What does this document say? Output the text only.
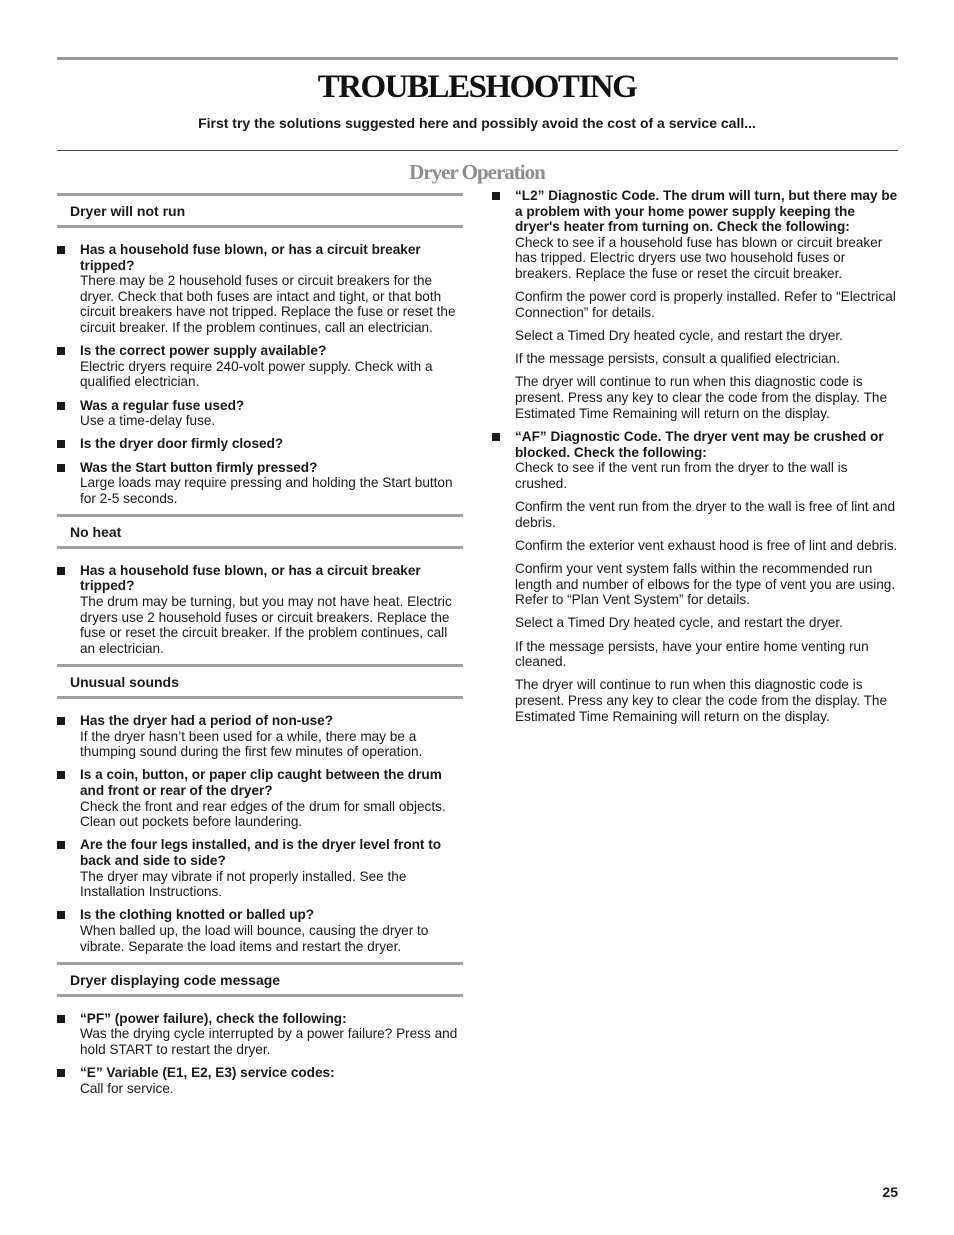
TROUBLESHOOTING

First try the solutions suggested here and possibly avoid the cost of a service call...

Dryer Operation
Dryer will not run
Has a household fuse blown, or has a circuit breaker tripped?
There may be 2 household fuses or circuit breakers for the dryer. Check that both fuses are intact and tight, or that both circuit breakers have not tripped. Replace the fuse or reset the circuit breaker. If the problem continues, call an electrician.
Is the correct power supply available?
Electric dryers require 240-volt power supply. Check with a qualified electrician.
Was a regular fuse used?
Use a time-delay fuse.
Is the dryer door firmly closed?
Was the Start button firmly pressed?
Large loads may require pressing and holding the Start button for 2-5 seconds.
No heat
Has a household fuse blown, or has a circuit breaker tripped?
The drum may be turning, but you may not have heat. Electric dryers use 2 household fuses or circuit breakers. Replace the fuse or reset the circuit breaker. If the problem continues, call an electrician.
Unusual sounds
Has the dryer had a period of non-use?
If the dryer hasn’t been used for a while, there may be a thumping sound during the first few minutes of operation.
Is a coin, button, or paper clip caught between the drum and front or rear of the dryer?
Check the front and rear edges of the drum for small objects. Clean out pockets before laundering.
Are the four legs installed, and is the dryer level front to back and side to side?
The dryer may vibrate if not properly installed. See the Installation Instructions.
Is the clothing knotted or balled up?
When balled up, the load will bounce, causing the dryer to vibrate. Separate the load items and restart the dryer.
Dryer displaying code message
“PF” (power failure), check the following:
Was the drying cycle interrupted by a power failure? Press and hold START to restart the dryer.
“E” Variable (E1, E2, E3) service codes:
Call for service.
“L2” Diagnostic Code. The drum will turn, but there may be a problem with your home power supply keeping the dryer's heater from turning on. Check the following:
Check to see if a household fuse has blown or circuit breaker has tripped. Electric dryers use two household fuses or breakers. Replace the fuse or reset the circuit breaker.
Confirm the power cord is properly installed. Refer to “Electrical Connection” for details.
Select a Timed Dry heated cycle, and restart the dryer.
If the message persists, consult a qualified electrician.
The dryer will continue to run when this diagnostic code is present. Press any key to clear the code from the display. The Estimated Time Remaining will return on the display.
“AF” Diagnostic Code. The dryer vent may be crushed or blocked. Check the following:
Check to see if the vent run from the dryer to the wall is crushed.
Confirm the vent run from the dryer to the wall is free of lint and debris.
Confirm the exterior vent exhaust hood is free of lint and debris.
Confirm your vent system falls within the recommended run length and number of elbows for the type of vent you are using. Refer to “Plan Vent System” for details.
Select a Timed Dry heated cycle, and restart the dryer.
If the message persists, have your entire home venting run cleaned.
The dryer will continue to run when this diagnostic code is present. Press any key to clear the code from the display. The Estimated Time Remaining will return on the display.
25
